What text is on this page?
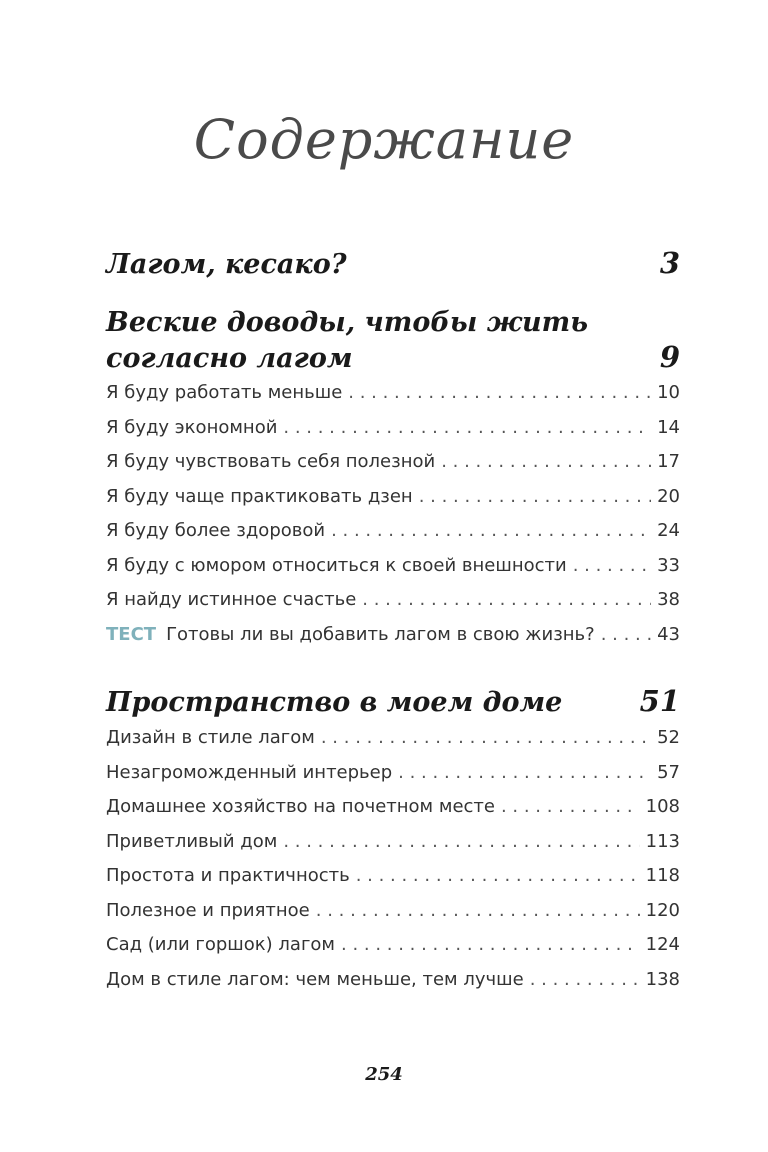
Содержание
Лагом, кесако?	3
Веские доводы, чтобы жить
согласно лагом	9
Я буду работать меньше . . .	10
Я буду экономной . . .	14
Я буду чувствовать себя полезной . . .	17
Я буду чаще практиковать дзен . . .	20
Я буду более здоровой . . .	24
Я буду с юмором относиться к своей внешности . . .	33
Я найду истинное счастье . . .	38
ТЕСТ Готовы ли вы добавить лагом в свою жизнь? . . .	43
Пространство в моем доме	51
Дизайн в стиле лагом . . .	52
Незагроможденный интерьер . . .	57
Домашнее хозяйство на почетном месте . . .	108
Приветливый дом . . .	113
Простота и практичность . . .	118
Полезное и приятное . . .	120
Сад (или горшок) лагом . . .	124
Дом в стиле лагом: чем меньше, тем лучше . . .	138
254
